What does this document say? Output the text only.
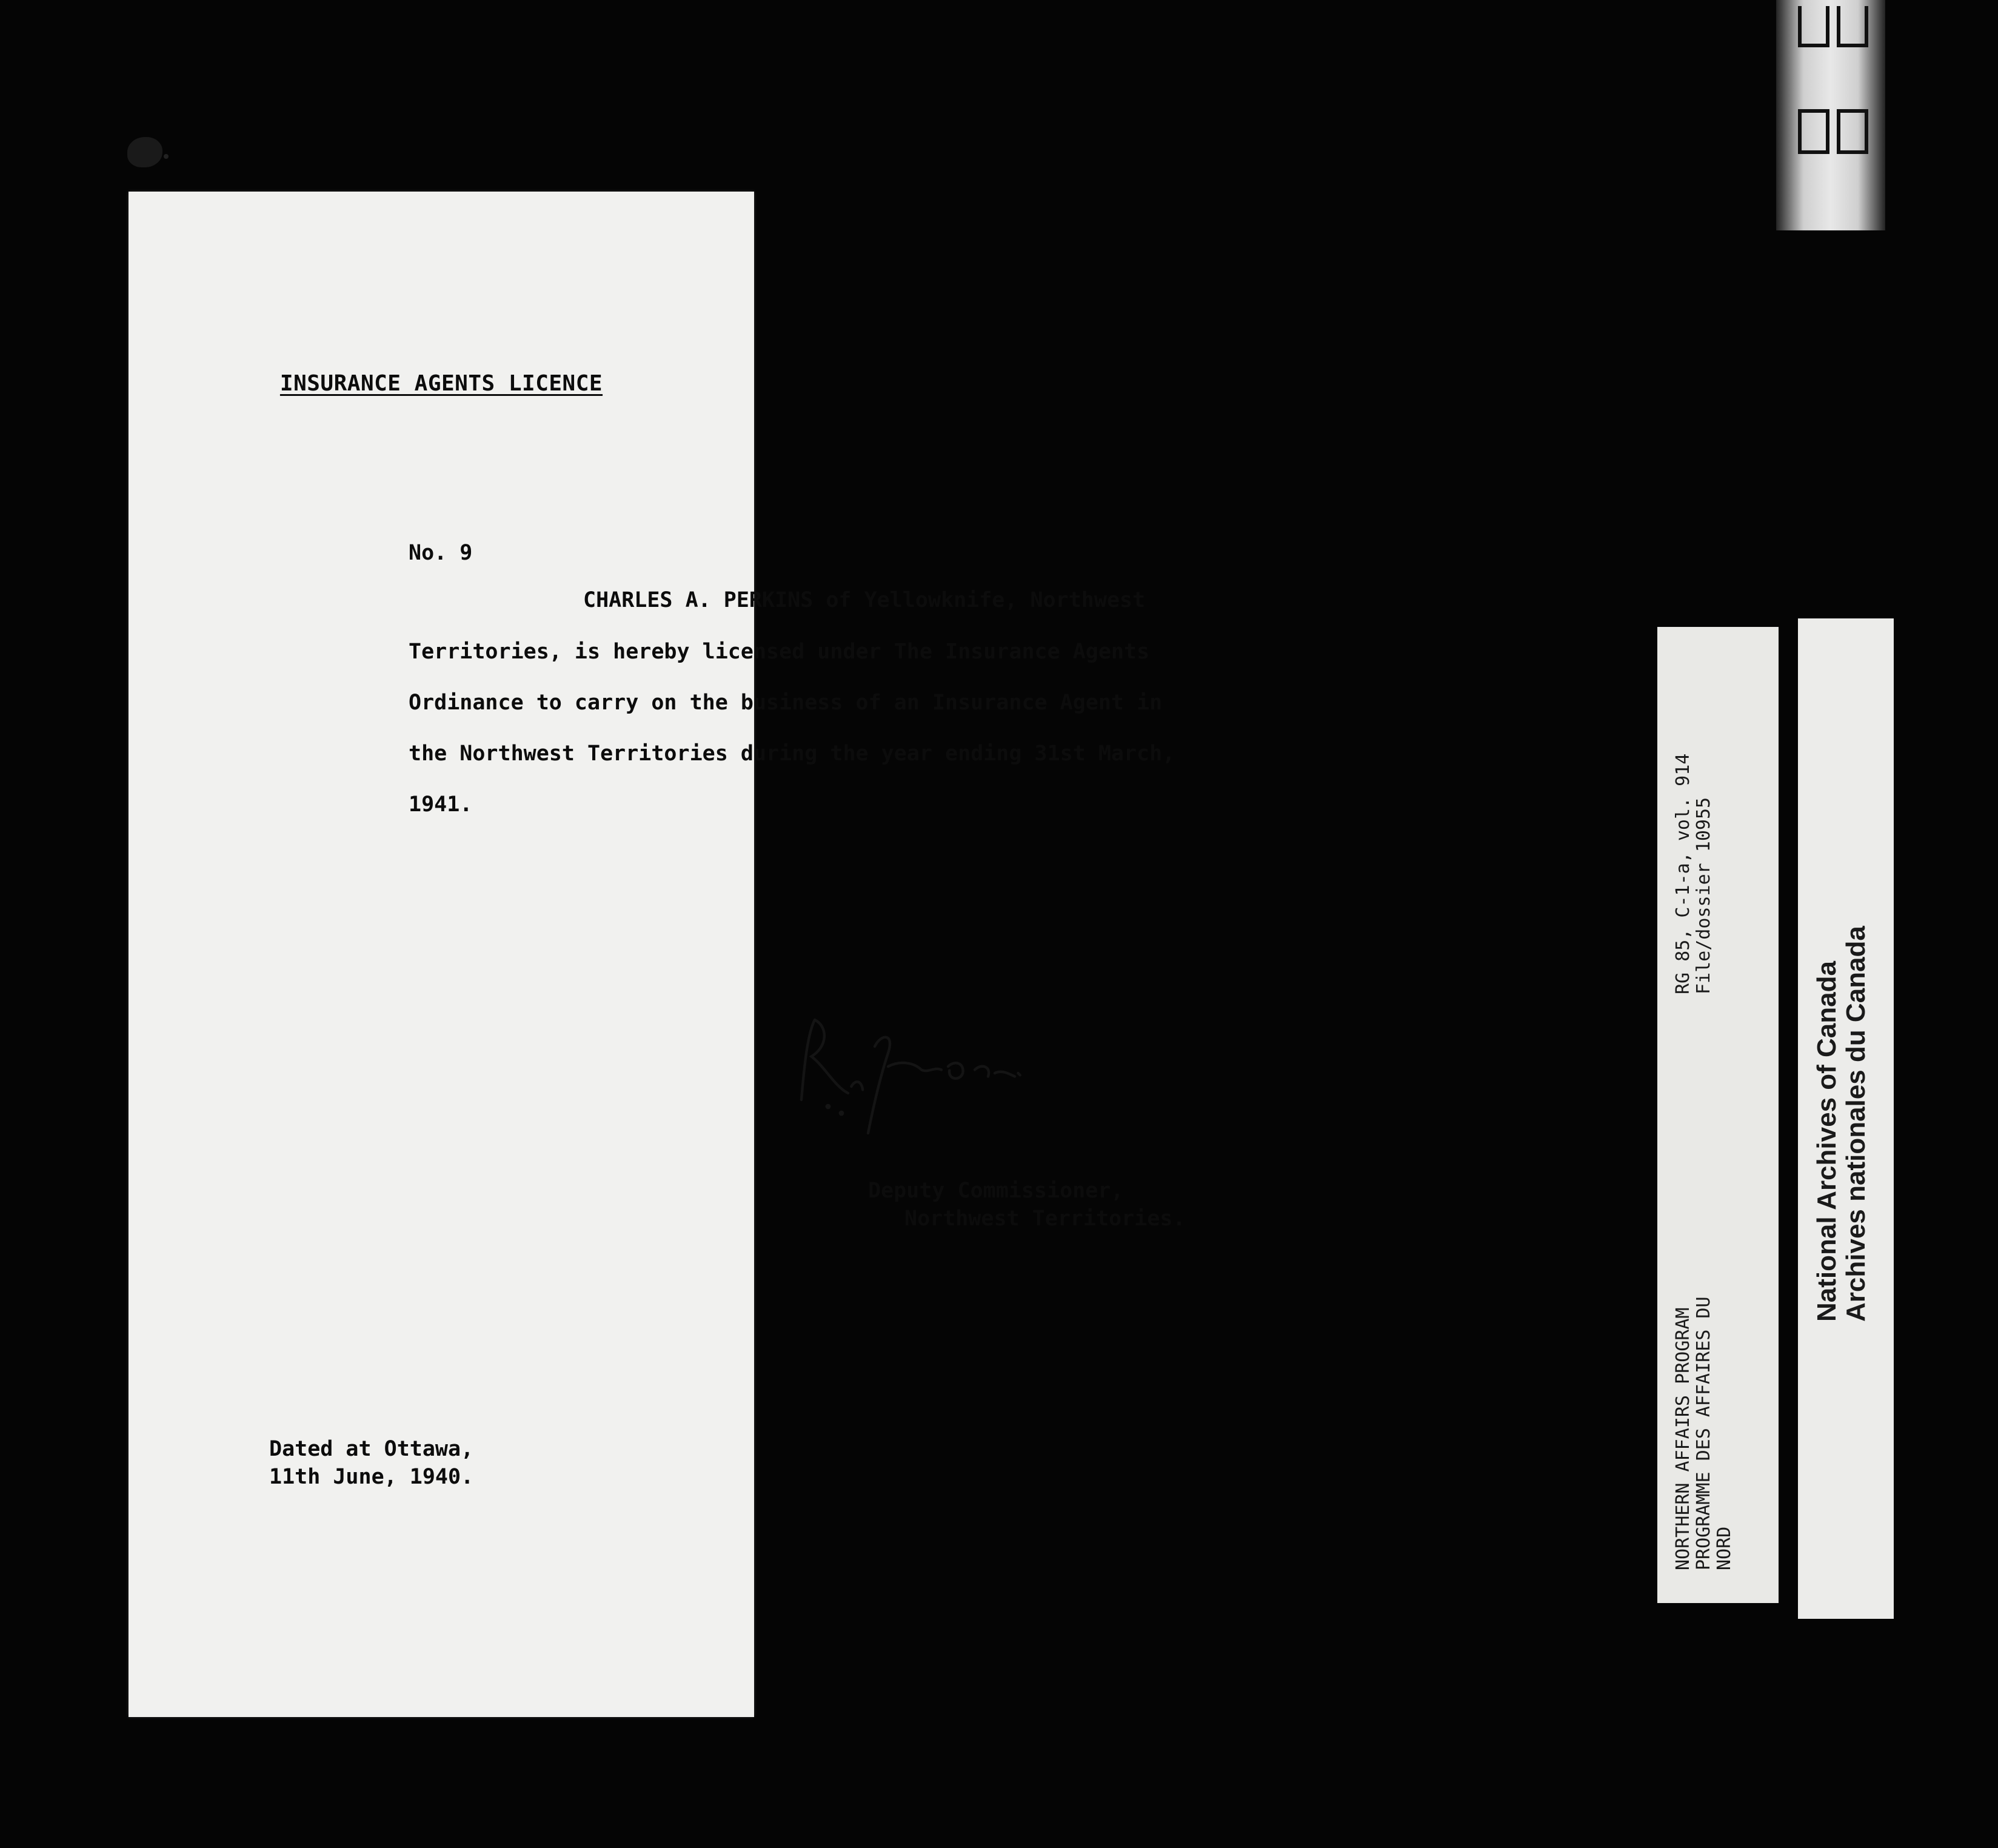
INSURANCE AGENTS LICENCE
No. 9
CHARLES A. PERKINS of Yellowknife, Northwest
Territories, is hereby licensed under The Insurance Agents
Ordinance to carry on the business of an Insurance Agent in
the Northwest Territories during the year ending 31st March,
1941.
Deputy Commissioner,
Northwest Territories.
Dated at Ottawa,
11th June, 1940.
RG 85, C-1-a, vol. 914 File/dossier 10955
NORTHERN AFFAIRS PROGRAM PROGRAMME DES AFFAIRES DU NORD
National Archives of Canada Archives nationales du Canada
